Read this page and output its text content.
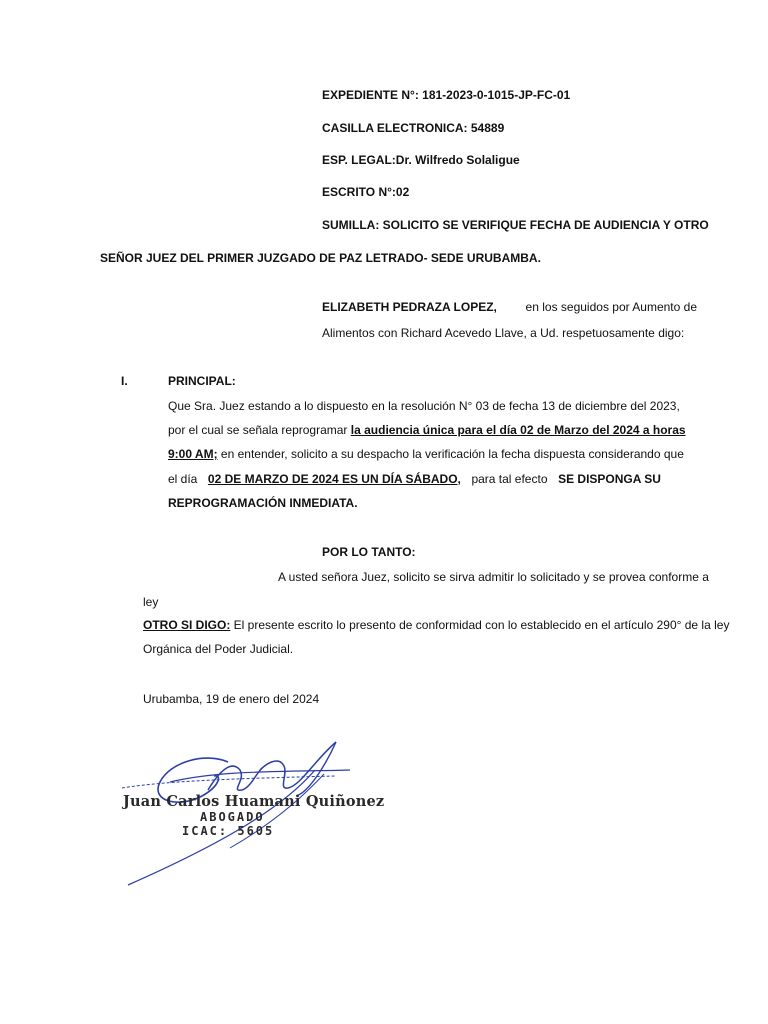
EXPEDIENTE N°: 181-2023-0-1015-JP-FC-01
CASILLA ELECTRONICA: 54889
ESP. LEGAL:Dr. Wilfredo Solaligue
ESCRITO N°:02
SUMILLA: SOLICITO SE VERIFIQUE FECHA DE AUDIENCIA Y OTRO
SEÑOR JUEZ DEL PRIMER JUZGADO DE PAZ LETRADO- SEDE URUBAMBA.
ELIZABETH PEDRAZA LOPEZ, en los seguidos por Aumento de
Alimentos con Richard Acevedo Llave, a Ud. respetuosamente digo:
I.	PRINCIPAL:
Que Sra. Juez estando a lo dispuesto en la resolución N° 03 de fecha 13 de diciembre del 2023,
por el cual se señala reprogramar la audiencia única para el día 02 de Marzo del 2024 a horas
9:00 AM; en entender, solicito a su despacho la verificación la fecha dispuesta considerando que
el día 02 DE MARZO DE 2024 ES UN DÍA SÁBADO, para tal efecto SE DISPONGA SU
REPROGRAMACIÓN INMEDIATA.
POR LO TANTO:
A usted señora Juez, solicito se sirva admitir lo solicitado y se provea conforme a
ley
OTRO SI DIGO: El presente escrito lo presento de conformidad con lo establecido en el artículo 290° de la ley
Orgánica del Poder Judicial.
Urubamba, 19 de enero del 2024
Juan Carlos Huamani Quiñonez
ABOGADO
ICAC: 5605
